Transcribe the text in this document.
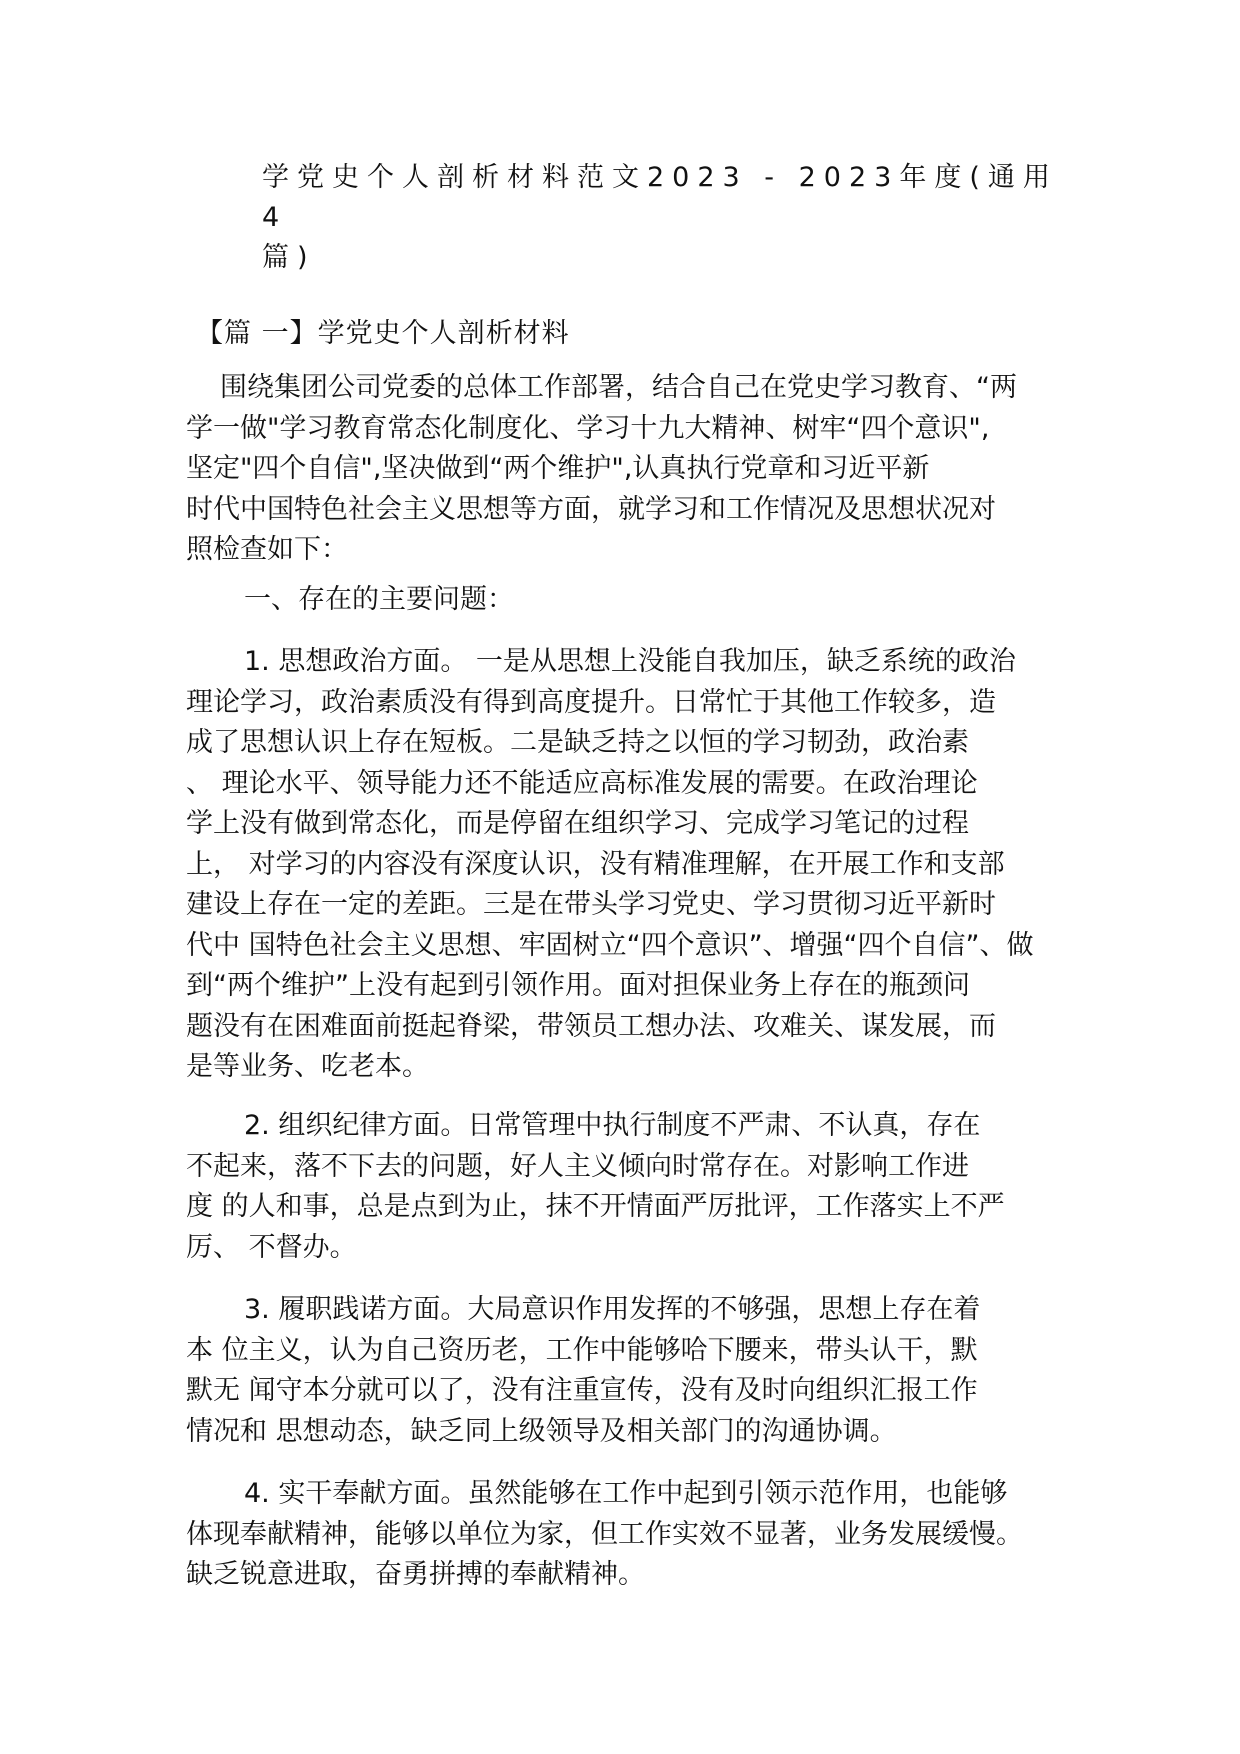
学党史个人剖析材料范文2023 - 2023年度(通用4
篇)
【篇 一】学党史个人剖析材料
围绕集团公司党委的总体工作部署，结合自己在党史学习教育、“两
学一做"学习教育常态化制度化、学习十九大精神、树牢“四个意识",
坚定"四个自信",坚决做到“两个维护",认真执行党章和习近平新
时代中国特色社会主义思想等方面，就学习和工作情况及思想状况对
照检查如下：
一、存在的主要问题：
1. 思想政治方面。 一是从思想上没能自我加压，缺乏系统的政治
理论学习，政治素质没有得到高度提升。日常忙于其他工作较多，造
成了思想认识上存在短板。二是缺乏持之以恒的学习韧劲，政治素
、 理论水平、领导能力还不能适应高标准发展的需要。在政治理论
学上没有做到常态化，而是停留在组织学习、完成学习笔记的过程
上， 对学习的内容没有深度认识，没有精准理解，在开展工作和支部
建设上存在一定的差距。三是在带头学习党史、学习贯彻习近平新时
代中 国特色社会主义思想、牢固树立“四个意识”、增强“四个自信”、做
到“两个维护”上没有起到引领作用。面对担保业务上存在的瓶颈问
题没有在困难面前挺起脊梁，带领员工想办法、攻难关、谋发展，而
是等业务、吃老本。
2. 组织纪律方面。日常管理中执行制度不严肃、不认真，存在
不起来，落不下去的问题，好人主义倾向时常存在。对影响工作进
度 的人和事，总是点到为止，抹不开情面严厉批评，工作落实上不严
厉、 不督办。
3. 履职践诺方面。大局意识作用发挥的不够强，思想上存在着
本 位主义，认为自己资历老，工作中能够哈下腰来，带头认干，默
默无 闻守本分就可以了，没有注重宣传，没有及时向组织汇报工作
情况和 思想动态，缺乏同上级领导及相关部门的沟通协调。
4. 实干奉献方面。虽然能够在工作中起到引领示范作用，也能够
体现奉献精神，能够以单位为家，但工作实效不显著，业务发展缓慢。
缺乏锐意进取，奋勇拼搏的奉献精神。
